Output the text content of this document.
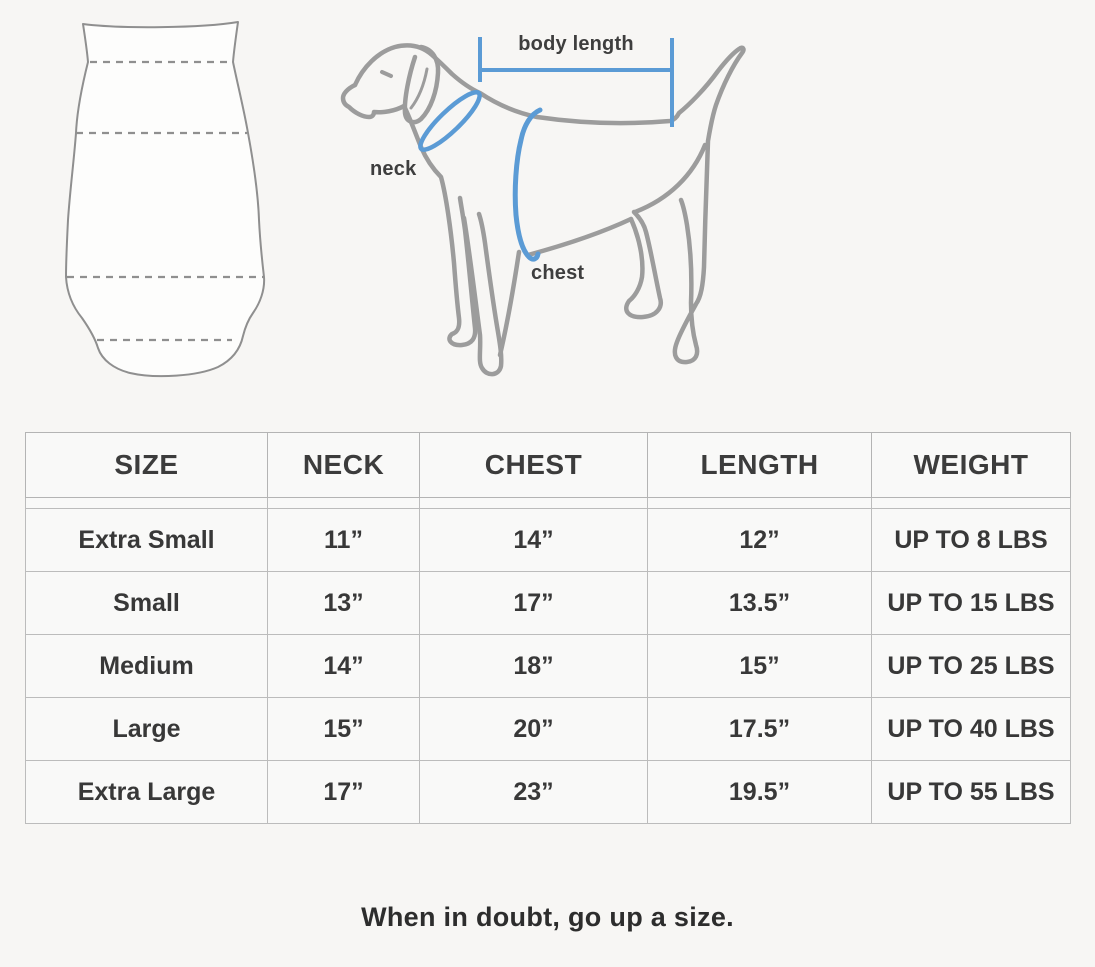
body length
neck
chest
SIZE	NECK	CHEST	LENGTH	WEIGHT

Extra Small	11”	14”	12”	UP TO 8 LBS
Small	13”	17”	13.5”	UP TO 15 LBS
Medium	14”	18”	15”	UP TO 25 LBS
Large	15”	20”	17.5”	UP TO 40 LBS
Extra Large	17”	23”	19.5”	UP TO 55 LBS
When in doubt, go up a size.
